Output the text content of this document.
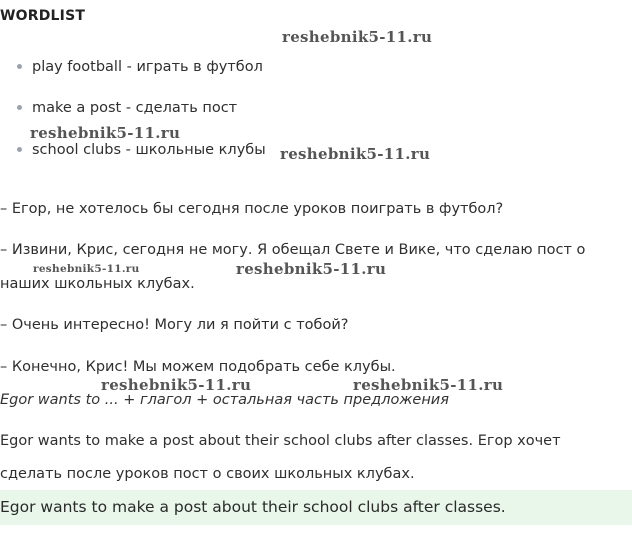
WORDLIST
reshebnik5-11.ru
reshebnik5-11.ru
reshebnik5-11.ru
reshebnik5-11.ru	reshebnik5-11.ru
reshebnik5-11.ru	reshebnik5-11.ru
play football - играть в футбол
make a post - сделать пост
school clubs - школьные клубы
– Егор, не хотелось бы сегодня после уроков поиграть в футбол?
– Извини, Крис, сегодня не могу. Я обещал Свете и Вике, что сделаю пост о
наших школьных клубах.
– Очень интересно! Могу ли я пойти с тобой?
– Конечно, Крис! Мы можем подобрать себе клубы.
Egor wants to ... + глагол + остальная часть предложения
Egor wants to make a post about their school clubs after classes. Егор хочет
сделать после уроков пост о своих школьных клубах.
Egor wants to make a post about their school clubs after classes.
